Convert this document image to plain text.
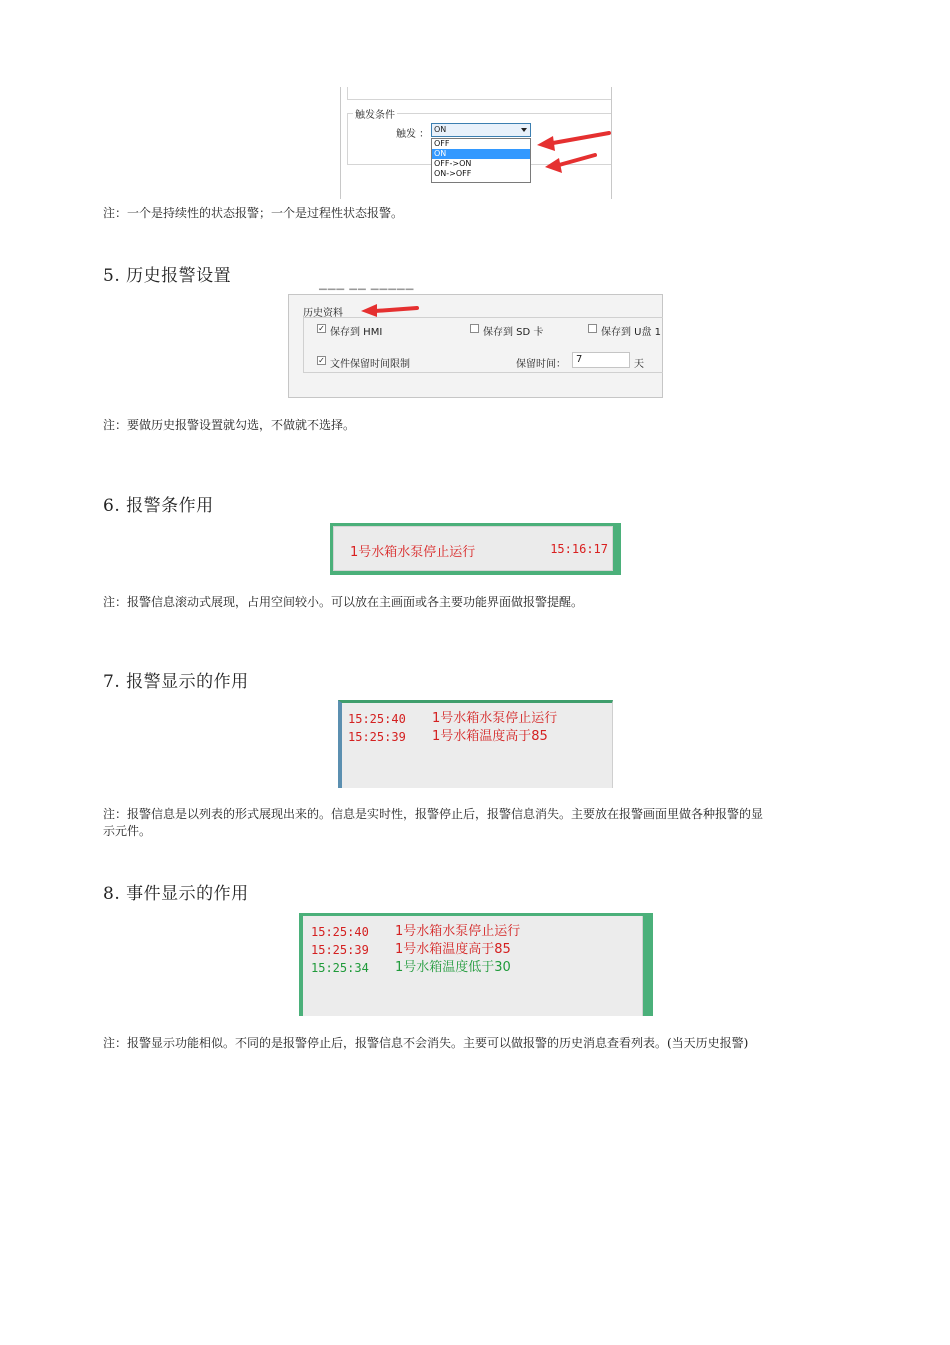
触发条件
触发 ： ON
OFF
ON
OFF->ON
ON->OFF
注：一个是持续性的状态报警；一个是过程性状态报警。
5. 历史报警设置
▔▔▔ ▔▔ ▔▔▔▔▔
历史资料
✓ 保存到 HMI	保存到 SD 卡	保存到 U盘 1
✓ 文件保留时间限制	保留时间：	7	天
注：要做历史报警设置就勾选，不做就不选择。
6. 报警条作用
1号水箱水泵停止运行	15:16:17
注：报警信息滚动式展现，占用空间较小。可以放在主画面或各主要功能界面做报警提醒。
7. 报警显示的作用
15:25:40	1号水箱水泵停止运行
15:25:39	1号水箱温度高于85
注：报警信息是以列表的形式展现出来的。信息是实时性，报警停止后，报警信息消失。主要放在报警画面里做各种报警的显
示元件。
8. 事件显示的作用
15:25:40	1号水箱水泵停止运行
15:25:39	1号水箱温度高于85
15:25:34	1号水箱温度低于30
注：报警显示功能相似。不同的是报警停止后，报警信息不会消失。主要可以做报警的历史消息查看列表。(当天历史报警)
